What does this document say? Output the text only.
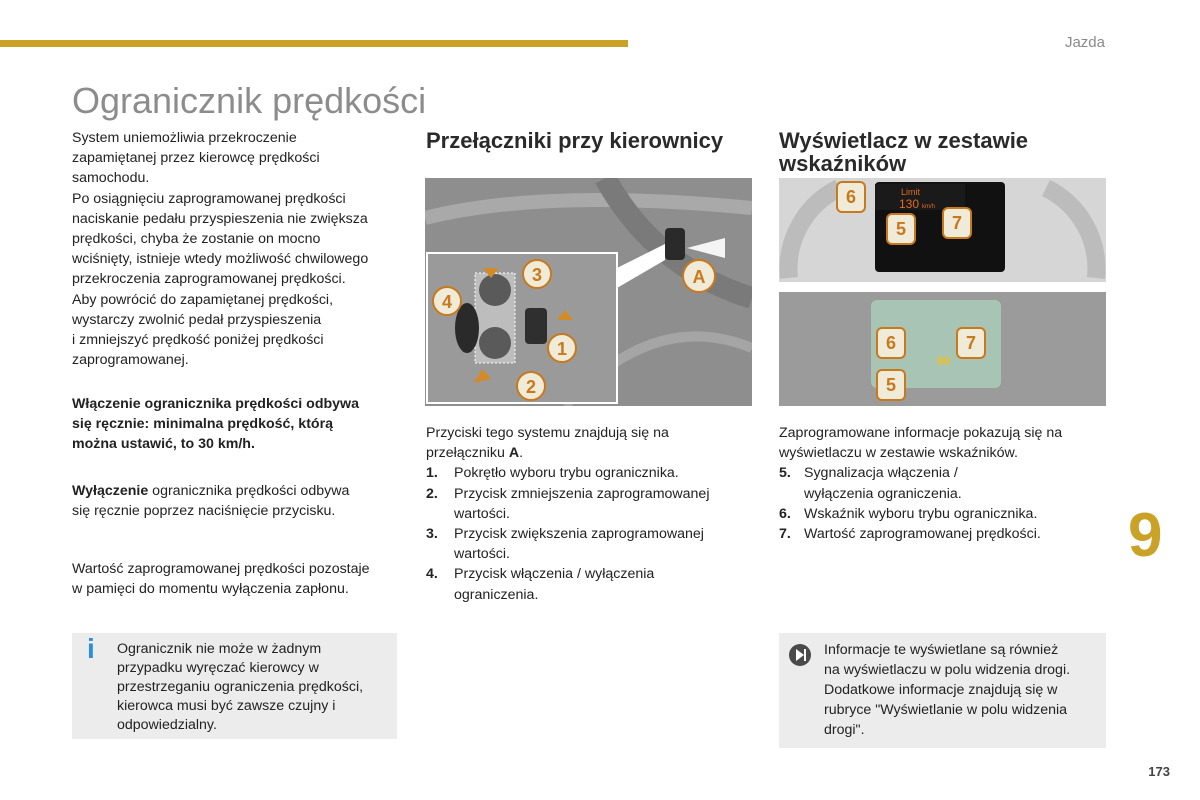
Jazda
Ogranicznik prędkości

System uniemożliwia przekroczenie

zapamiętanej przez kierowcę prędkości

samochodu.

Po osiągnięciu zaprogramowanej prędkości

naciskanie pedału przyspieszenia nie zwiększa

prędkości, chyba że zostanie on mocno

wciśnięty, istnieje wtedy możliwość chwilowego

przekroczenia zaprogramowanej prędkości.

Aby powrócić do zapamiętanej prędkości,

wystarczy zwolnić pedał przyspieszenia

i zmniejszyć prędkość poniżej prędkości

zaprogramowanej.

Włączenie ogranicznika prędkości odbywa

się ręcznie: minimalna prędkość, którą

można ustawić, to 30 km/h.

Wyłączenie ogranicznika prędkości odbywa

się ręcznie poprzez naciśnięcie przycisku.

Wartość zaprogramowanej prędkości pozostaje

w pamięci do momentu wyłączenia zapłonu.

i Ogranicznik nie może w żadnym
przypadku wyręczać kierowcy w
przestrzeganiu ograniczenia prędkości,
kierowca musi być zawsze czujny i
odpowiedzialny.
Przełączniki przy kierownicy
A
1
2
3
4

Przyciski tego systemu znajdują się na

przełączniku A.

1.	Pokrętło wyboru trybu ogranicznika.
2.	Przycisk zmniejszenia zaprogramowanej
wartości.
3.	Przycisk zwiększenia zaprogramowanej
wartości.
4.	Przycisk włączenia / wyłączenia
ograniczenia.
Wyświetlacz w zestawie
wskaźników
Limit
130 km/h
90
6
5	7
6	7
5

Zaprogramowane informacje pokazują się na

wyświetlaczu w zestawie wskaźników.

5. Sygnalizacja włączenia /
wyłączenia ograniczenia.
6. Wskaźnik wyboru trybu ogranicznika.
7. Wartość zaprogramowanej prędkości.
Informacje te wyświetlane są również
na wyświetlaczu w polu widzenia drogi.
Dodatkowe informacje znajdują się w
rubryce "Wyświetlanie w polu widzenia
drogi".
9
173
